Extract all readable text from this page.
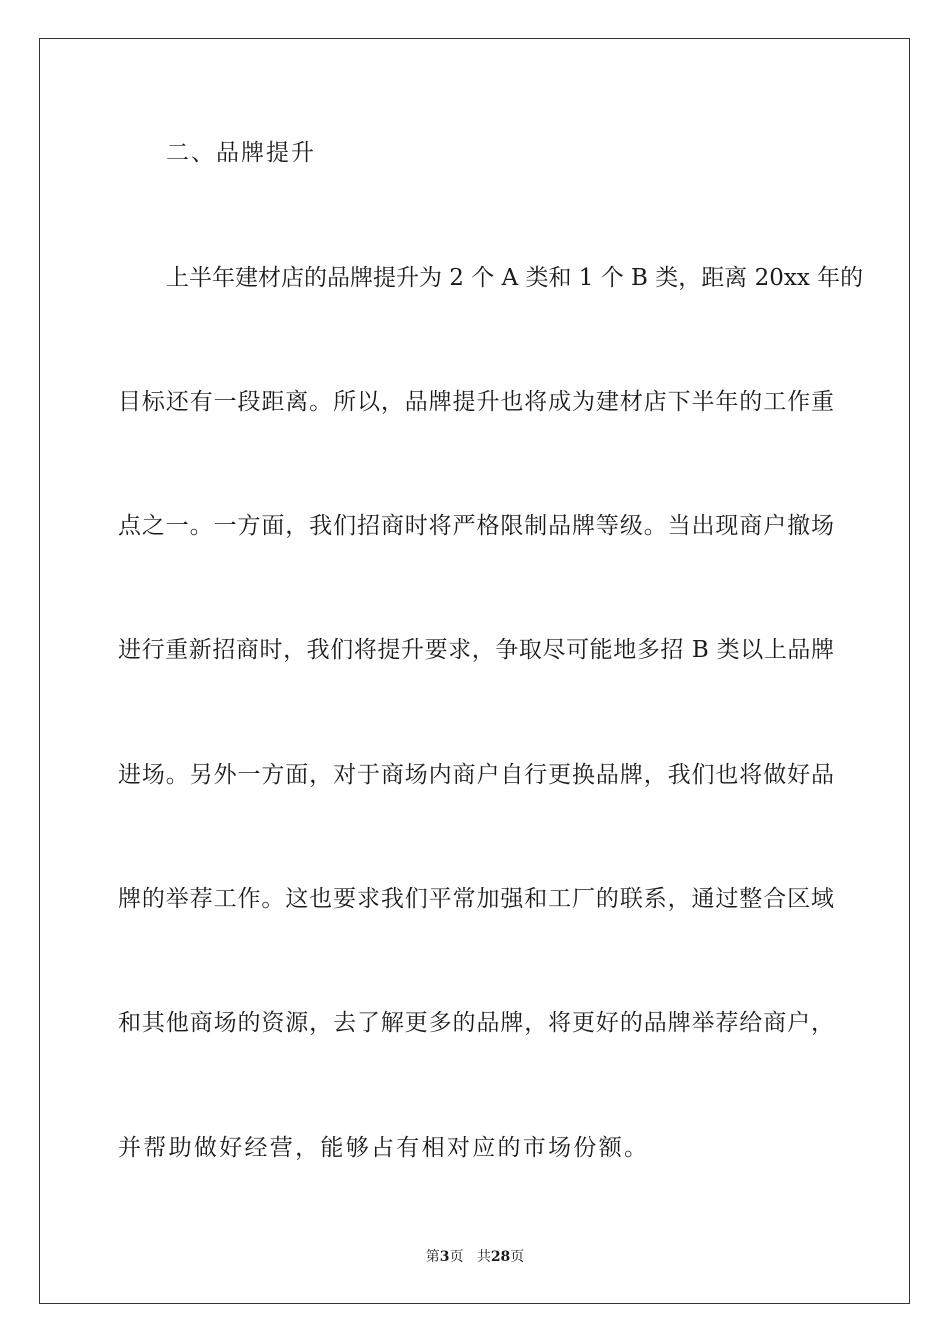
二、品牌提升
上半年建材店的品牌提升为 2 个 A 类和 1 个 B 类，距离 20xx 年的
目标还有一段距离。所以，品牌提升也将成为建材店下半年的工作重
点之一。一方面，我们招商时将严格限制品牌等级。当出现商户撤场
进行重新招商时，我们将提升要求，争取尽可能地多招 B 类以上品牌
进场。另外一方面，对于商场内商户自行更换品牌，我们也将做好品
牌的举荐工作。这也要求我们平常加强和工厂的联系，通过整合区域
和其他商场的资源，去了解更多的品牌，将更好的品牌举荐给商户，
并帮助做好经营，能够占有相对应的市场份额。
第3页 共28页
